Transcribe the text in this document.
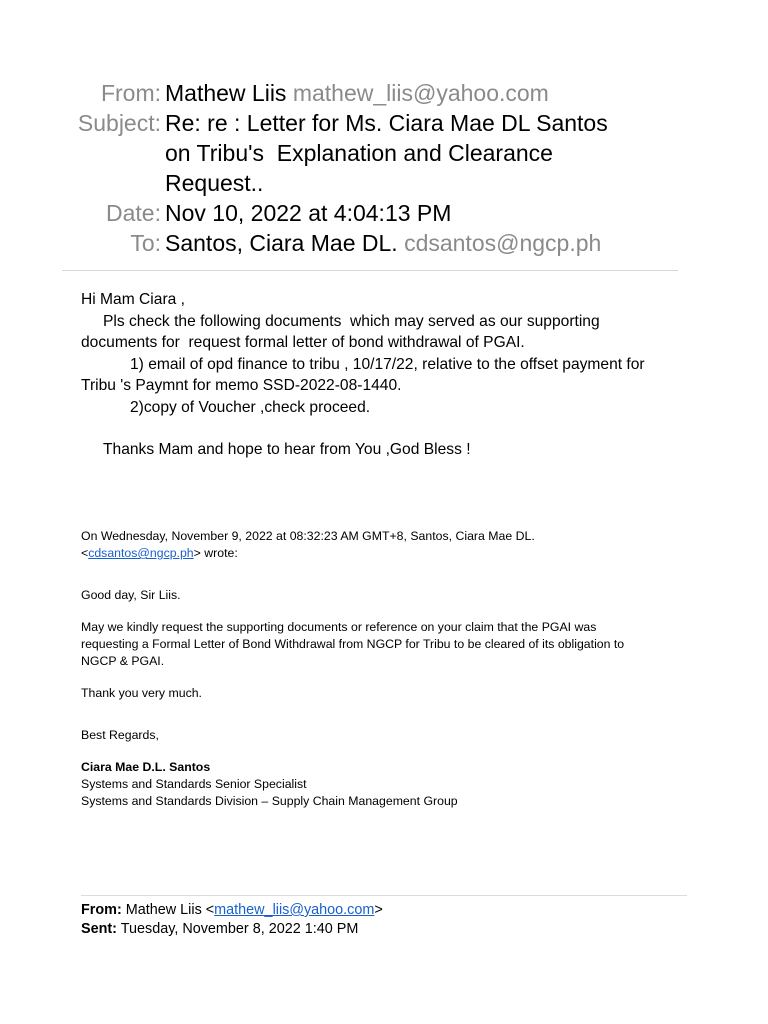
From: Mathew Liis mathew_liis@yahoo.com
Subject: Re: re : Letter for Ms. Ciara Mae DL Santos
on Tribu's  Explanation and Clearance
Request..
Date: Nov 10, 2022 at 4:04:13 PM
To: Santos, Ciara Mae DL. cdsantos@ngcp.ph

Hi Mam Ciara ,

Pls check the following documents  which may served as our supporting

documents for  request formal letter of bond withdrawal of PGAI.

1) email of opd finance to tribu , 10/17/22, relative to the offset payment for

Tribu 's Paymnt for memo SSD-2022-08-1440.

2)copy of Voucher ,check proceed.

Thanks Mam and hope to hear from You ,God Bless !

On Wednesday, November 9, 2022 at 08:32:23 AM GMT+8, Santos, Ciara Mae DL.

<cdsantos@ngcp.ph> wrote:

Good day, Sir Liis.

May we kindly request the supporting documents or reference on your claim that the PGAI was

requesting a Formal Letter of Bond Withdrawal from NGCP for Tribu to be cleared of its obligation to

NGCP & PGAI.

Thank you very much.

Best Regards,

Ciara Mae D.L. Santos

Systems and Standards Senior Specialist

Systems and Standards Division – Supply Chain Management Group

From: Mathew Liis <mathew_liis@yahoo.com>

Sent: Tuesday, November 8, 2022 1:40 PM
